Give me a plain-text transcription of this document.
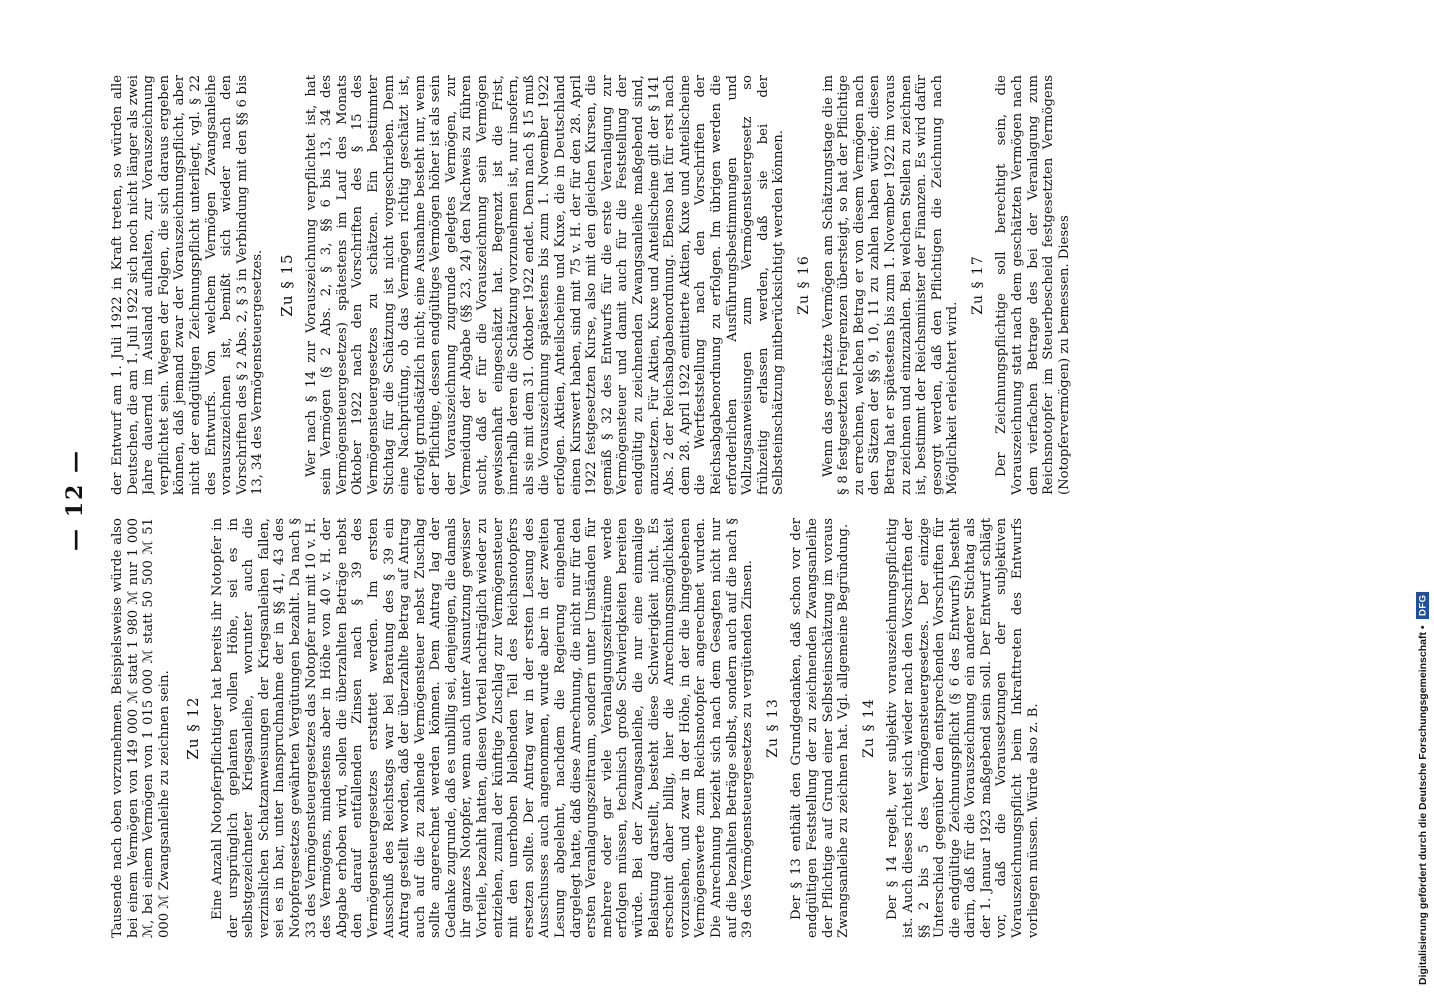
— 12 —

Tausende nach oben vorzunehmen. Beispielsweise würde also bei einem Vermögen von 149 000 ℳ statt 1 980 ℳ nur 1 000 ℳ, bei einem Vermögen von 1 015 000 ℳ statt 50 500 ℳ 51 000 ℳ Zwangsanleihe zu zeichnen sein. Zu § 12 Eine Anzahl Notopferpflichtiger hat bereits ihr Notopfer in der ursprünglich geplanten vollen Höhe, sei es in selbstgezeichneter Kriegsanleihe, worunter auch die verzinslichen Schatzanweisungen der Kriegsanleihen fallen, sei es in bar, unter Inanspruchnahme der in §§ 41, 43 des Notopfergesetzes gewährten Vergütungen bezahlt. Da nach § 33 des Vermögensteuergesetzes das Notopfer nur mit 10 v. H. des Vermögens, mindestens aber in Höhe von 40 v. H. der Abgabe erhoben wird, sollen die überzahlten Beträge nebst den darauf entfallenden Zinsen nach § 39 des Vermögensteuergesetzes erstattet werden. Im ersten Ausschuß des Reichstags war bei Beratung des § 39 ein Antrag gestellt worden, daß der überzahlte Betrag auf Antrag auch auf die zu zahlende Vermögensteuer nebst Zuschlag sollte angerechnet werden können. Dem Antrag lag der Gedanke zugrunde, daß es unbillig sei, denjenigen, die damals ihr ganzes Notopfer, wenn auch unter Ausnutzung gewisser Vorteile, bezahlt hatten, diesen Vorteil nachträglich wieder zu entziehen, zumal der künftige Zuschlag zur Vermögensteuer mit den unerhoben bleibenden Teil des Reichsnotopfers ersetzen sollte. Der Antrag war in der ersten Lesung des Ausschusses auch angenommen, wurde aber in der zweiten Lesung abgelehnt, nachdem die Regierung eingehend dargelegt hatte, daß diese Anrechnung, die nicht nur für den ersten Veranlagungszeitraum, sondern unter Umständen für mehrere oder gar viele Veranlagungszeiträume werde erfolgen müssen, technisch große Schwierigkeiten bereiten würde. Bei der Zwangsanleihe, die nur eine einmalige Belastung darstellt, besteht diese Schwierigkeit nicht. Es erscheint daher billig, hier die Anrechnungsmöglichkeit vorzusehen, und zwar in der Höhe, in der die hingegebenen Vermögenswerte zum Reichsnotopfer angerechnet wurden. Die Anrechnung bezieht sich nach dem Gesagten nicht nur auf die bezahlten Beträge selbst, sondern auch auf die nach § 39 des Vermögensteuergesetzes zu vergütenden Zinsen. Zu § 13 Der § 13 enthält den Grundgedanken, daß schon vor der endgültigen Feststellung der zu zeichnenden Zwangsanleihe der Pflichtige auf Grund einer Selbsteinschätzung im voraus Zwangsanleihe zu zeichnen hat. Vgl. allgemeine Begründung. Zu § 14 Der § 14 regelt, wer subjektiv vorauszeichnungspflichtig ist. Auch dieses richtet sich wieder nach den Vorschriften der §§ 2 bis 5 des Vermögensteuergesetzes. Der einzige Unterschied gegenüber den entsprechenden Vorschriften für die endgültige Zeichnungspflicht (§ 6 des Entwurfs) besteht darin, daß für die Vorauszeichnung ein anderer Stichtag als der 1. Januar 1923 maßgebend sein soll. Der Entwurf schlägt vor, daß die Voraussetzungen der subjektiven Vorauszeichnungspflicht beim Inkrafttreten des Entwurfs vorliegen müssen. Würde also z. B.

der Entwurf am 1. Juli 1922 in Kraft treten, so würden alle Deutschen, die am 1. Juli 1922 sich noch nicht länger als zwei Jahre dauernd im Ausland aufhalten, zur Vorauszeichnung verpflichtet sein. Wegen der Folgen, die sich daraus ergeben können, daß jemand zwar der Vorauszeichnungspflicht, aber nicht der endgültigen Zeichnungspflicht unterliegt, vgl. § 22 des Entwurfs. Von welchem Vermögen Zwangsanleihe vorauszuzeichnen ist, bemißt sich wieder nach den Vorschriften des § 2 Abs. 2, § 3 in Verbindung mit den §§ 6 bis 13, 34 des Vermögensteuergesetzes. Zu § 15 Wer nach § 14 zur Vorauszeichnung verpflichtet ist, hat sein Vermögen (§ 2 Abs. 2, § 3, §§ 6 bis 13, 34 des Vermögensteuergesetzes) spätestens im Lauf des Monats Oktober 1922 nach den Vorschriften des § 15 des Vermögensteuergesetzes zu schätzen. Ein bestimmter Stichtag für die Schätzung ist nicht vorgeschrieben. Denn eine Nachprüfung, ob das Vermögen richtig geschätzt ist, erfolgt grundsätzlich nicht; eine Ausnahme besteht nur, wenn der Pflichtige, dessen endgültiges Vermögen höher ist als sein der Vorauszeichnung zugrunde gelegtes Vermögen, zur Vermeidung der Abgabe (§§ 23, 24) den Nachweis zu führen sucht, daß er für die Vorauszeichnung sein Vermögen gewissenhaft eingeschätzt hat. Begrenzt ist die Frist, innerhalb deren die Schätzung vorzunehmen ist, nur insofern, als sie mit dem 31. Oktober 1922 endet. Denn nach § 15 muß die Vorauszeichnung spätestens bis zum 1. November 1922 erfolgen. Aktien, Anteilscheine und Kuxe, die in Deutschland einen Kurswert haben, sind mit 75 v. H. der für den 28. April 1922 festgesetzten Kurse, also mit den gleichen Kursen, die gemäß § 32 des Entwurfs für die erste Veranlagung zur Vermögensteuer und damit auch für die Feststellung der endgültig zu zeichnenden Zwangsanleihe maßgebend sind, anzusetzen. Für Aktien, Kuxe und Anteilscheine gilt der § 141 Abs. 2 der Reichsabgabenordnung. Ebenso hat für erst nach dem 28. April 1922 emittierte Aktien, Kuxe und Anteilscheine die Wertfeststellung nach den Vorschriften der Reichsabgabenordnung zu erfolgen. Im übrigen werden die erforderlichen Ausführungsbestimmungen und Vollzugsanweisungen zum Vermögensteuergesetz so frühzeitig erlassen werden, daß sie bei der Selbsteinschätzung mitberücksichtigt werden können. Zu § 16 Wenn das geschätzte Vermögen am Schätzungstage die im § 8 festgesetzten Freigrenzen übersteigt, so hat der Pflichtige zu errechnen, welchen Betrag er von diesem Vermögen nach den Sätzen der §§ 9, 10, 11 zu zahlen haben würde; diesen Betrag hat er spätestens bis zum 1. November 1922 im voraus zu zeichnen und einzuzahlen. Bei welchen Stellen zu zeichnen ist, bestimmt der Reichsminister der Finanzen. Es wird dafür gesorgt werden, daß den Pflichtigen die Zeichnung nach Möglichkeit erleichtert wird.

Zu § 17 Der Zeichnungspflichtige soll berechtigt sein, die Vorauszeichnung statt nach dem geschätzten Vermögen nach dem vierfachen Betrage des bei der Veranlagung zum Reichsnotopfer im Steuerbescheid festgesetzten Vermögens (Notopfervermögen) zu bemessen. Dieses

Digitalisierung gefördert durch die Deutsche Forschungsgemeinschaft •
DFG
